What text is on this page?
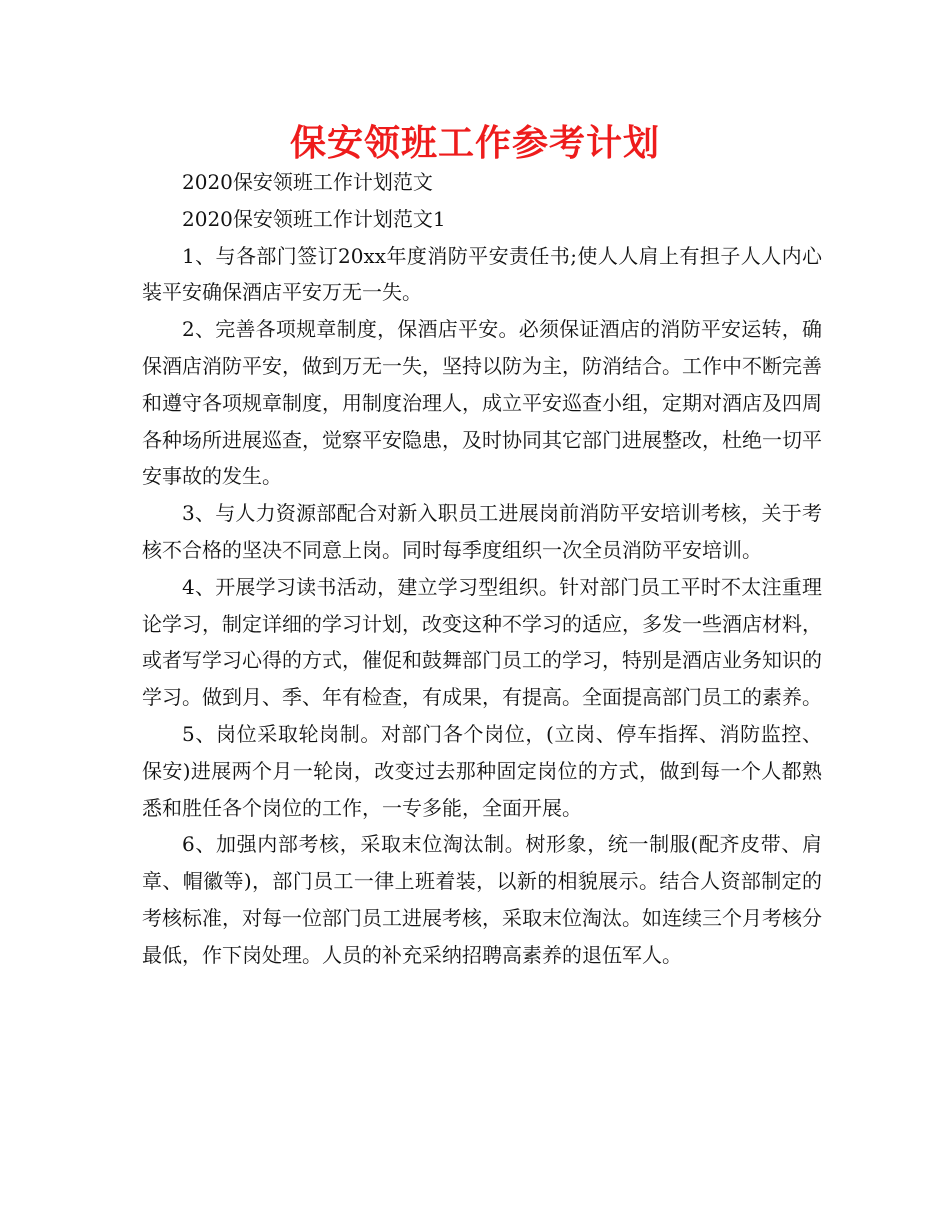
保安领班工作参考计划

2020保安领班工作计划范文

2020保安领班工作计划范文1

1、与各部门签订20xx年度消防平安责任书;使人人肩上有担子人人内心装平安确保酒店平安万无一失。

2、完善各项规章制度，保酒店平安。必须保证酒店的消防平安运转，确保酒店消防平安，做到万无一失，坚持以防为主，防消结合。工作中不断完善和遵守各项规章制度，用制度治理人，成立平安巡查小组，定期对酒店及四周各种场所进展巡查，觉察平安隐患，及时协同其它部门进展整改，杜绝一切平安事故的发生。

3、与人力资源部配合对新入职员工进展岗前消防平安培训考核，关于考核不合格的坚决不同意上岗。同时每季度组织一次全员消防平安培训。

4、开展学习读书活动，建立学习型组织。针对部门员工平时不太注重理论学习，制定详细的学习计划，改变这种不学习的适应，多发一些酒店材料，或者写学习心得的方式，催促和鼓舞部门员工的学习，特别是酒店业务知识的学习。做到月、季、年有检查，有成果，有提高。全面提高部门员工的素养。

5、岗位采取轮岗制。对部门各个岗位，(立岗、停车指挥、消防监控、保安)进展两个月一轮岗，改变过去那种固定岗位的方式，做到每一个人都熟悉和胜任各个岗位的工作，一专多能，全面开展。

6、加强内部考核，采取末位淘汰制。树形象，统一制服(配齐皮带、肩章、帽徽等)，部门员工一律上班着装，以新的相貌展示。结合人资部制定的考核标准，对每一位部门员工进展考核，采取末位淘汰。如连续三个月考核分最低，作下岗处理。人员的补充采纳招聘高素养的退伍军人。
